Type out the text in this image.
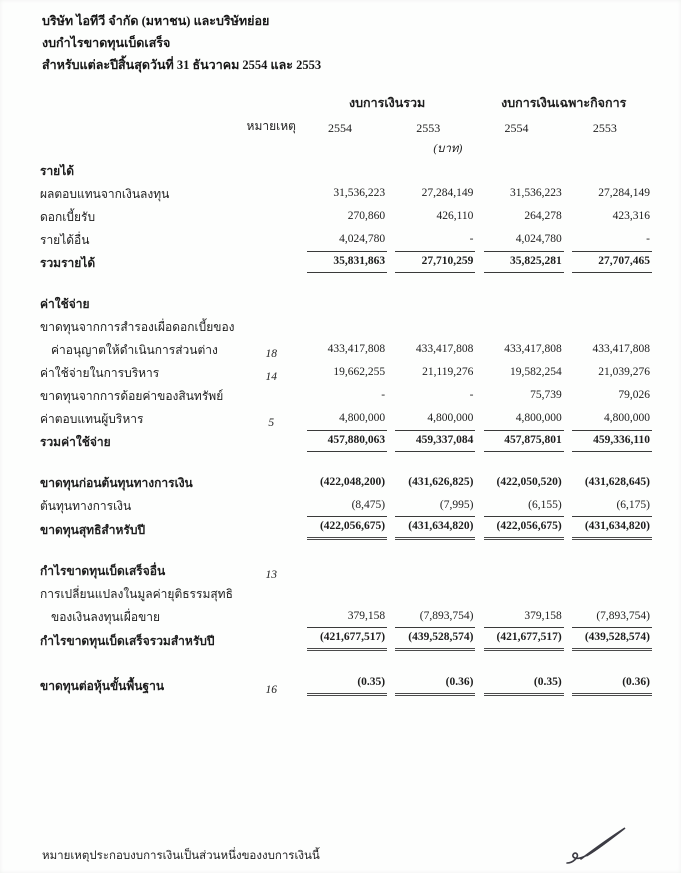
บริษัท ไอทีวี จำกัด (มหาชน) และบริษัทย่อย
งบกำไรขาดทุนเบ็ดเสร็จ
สำหรับแต่ละปีสิ้นสุดวันที่ 31 ธันวาคม 2554 และ 2553
		งบการเงินรวม		งบการเงินเฉพาะกิจการ	
	หมายเหตุ	2554	2553	2554	2553
	(บาท)				
รายได้					
ผลตอบแทนจากเงินลงทุน		31,536,223	27,284,149	31,536,223	27,284,149
ดอกเบี้ยรับ		270,860	426,110	264,278	423,316
รายได้อื่น		4,024,780	-	4,024,780	-
รวมรายได้		35,831,863	27,710,259	35,825,281	27,707,465

ค่าใช้จ่าย					
ขาดทุนจากการสำรองเผื่อดอกเบี้ยของ					
ค่าอนุญาตให้ดำเนินการส่วนต่าง	18	433,417,808	433,417,808	433,417,808	433,417,808
ค่าใช้จ่ายในการบริหาร	14	19,662,255	21,119,276	19,582,254	21,039,276
ขาดทุนจากการด้อยค่าของสินทรัพย์		-	-	75,739	79,026
ค่าตอบแทนผู้บริหาร	5	4,800,000	4,800,000	4,800,000	4,800,000
รวมค่าใช้จ่าย		457,880,063	459,337,084	457,875,801	459,336,110

ขาดทุนก่อนต้นทุนทางการเงิน		(422,048,200)	(431,626,825)	(422,050,520)	(431,628,645)
ต้นทุนทางการเงิน		(8,475)	(7,995)	(6,155)	(6,175)
ขาดทุนสุทธิสำหรับปี		(422,056,675)	(431,634,820)	(422,056,675)	(431,634,820)

กำไรขาดทุนเบ็ดเสร็จอื่น	13				
การเปลี่ยนแปลงในมูลค่ายุติธรรมสุทธิ					
ของเงินลงทุนเผื่อขาย		379,158	(7,893,754)	379,158	(7,893,754)
กำไรขาดทุนเบ็ดเสร็จรวมสำหรับปี		(421,677,517)	(439,528,574)	(421,677,517)	(439,528,574)

ขาดทุนต่อหุ้นขั้นพื้นฐาน	16	(0.35)	(0.36)	(0.35)	(0.36)
หมายเหตุประกอบงบการเงินเป็นส่วนหนึ่งของงบการเงินนี้
